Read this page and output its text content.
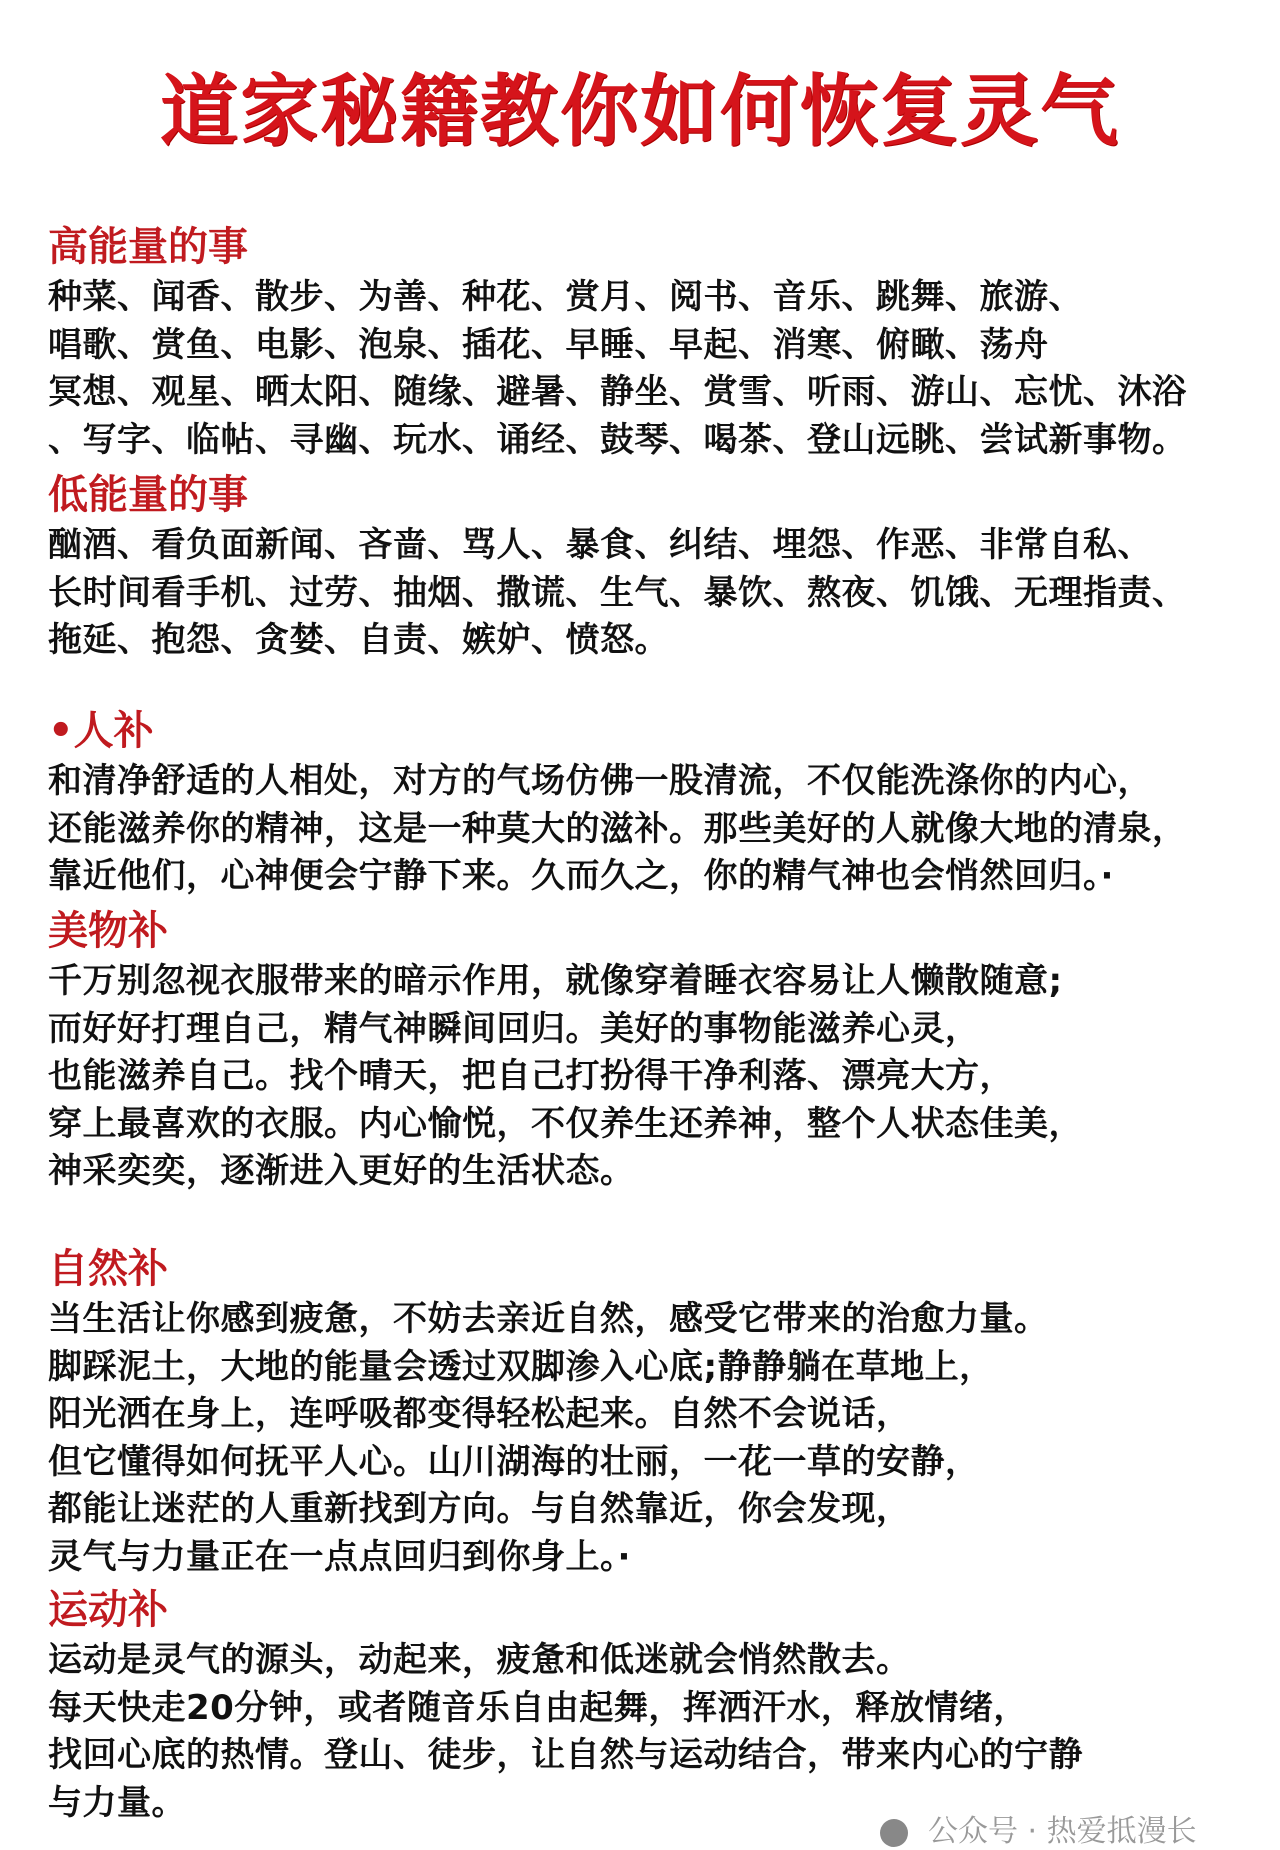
道家秘籍教你如何恢复灵气
高能量的事
种菜、闻香、散步、为善、种花、赏月、阅书、音乐、跳舞、旅游、
唱歌、赏鱼、电影、泡泉、插花、早睡、早起、消寒、俯瞰、荡舟
冥想、观星、晒太阳、随缘、避暑、静坐、赏雪、听雨、游山、忘忧、沐浴
、写字、临帖、寻幽、玩水、诵经、鼓琴、喝茶、登山远眺、尝试新事物。
低能量的事
酗酒、看负面新闻、吝啬、骂人、暴食、纠结、埋怨、作恶、非常自私、
长时间看手机、过劳、抽烟、撒谎、生气、暴饮、熬夜、饥饿、无理指责、
拖延、抱怨、贪婪、自责、嫉妒、愤怒。
•人补
和清净舒适的人相处，对方的气场仿佛一股清流，不仅能洗涤你的内心，
还能滋养你的精神，这是一种莫大的滋补。那些美好的人就像大地的清泉，
靠近他们，心神便会宁静下来。久而久之，你的精气神也会悄然回归。·
美物补
千万别忽视衣服带来的暗示作用，就像穿着睡衣容易让人懒散随意;
而好好打理自己，精气神瞬间回归。美好的事物能滋养心灵，
也能滋养自己。找个晴天，把自己打扮得干净利落、漂亮大方，
穿上最喜欢的衣服。内心愉悦，不仅养生还养神，整个人状态佳美，
神采奕奕，逐渐进入更好的生活状态。
自然补
当生活让你感到疲惫，不妨去亲近自然，感受它带来的治愈力量。
脚踩泥土，大地的能量会透过双脚渗入心底;静静躺在草地上，
阳光洒在身上，连呼吸都变得轻松起来。自然不会说话，
但它懂得如何抚平人心。山川湖海的壮丽，一花一草的安静，
都能让迷茫的人重新找到方向。与自然靠近，你会发现，
灵气与力量正在一点点回归到你身上。·
运动补
运动是灵气的源头，动起来，疲惫和低迷就会悄然散去。
每天快走20分钟，或者随音乐自由起舞，挥洒汗水，释放情绪，
找回心底的热情。登山、徒步，让自然与运动结合，带来内心的宁静
与力量。
公众号 · 热爱抵漫长
